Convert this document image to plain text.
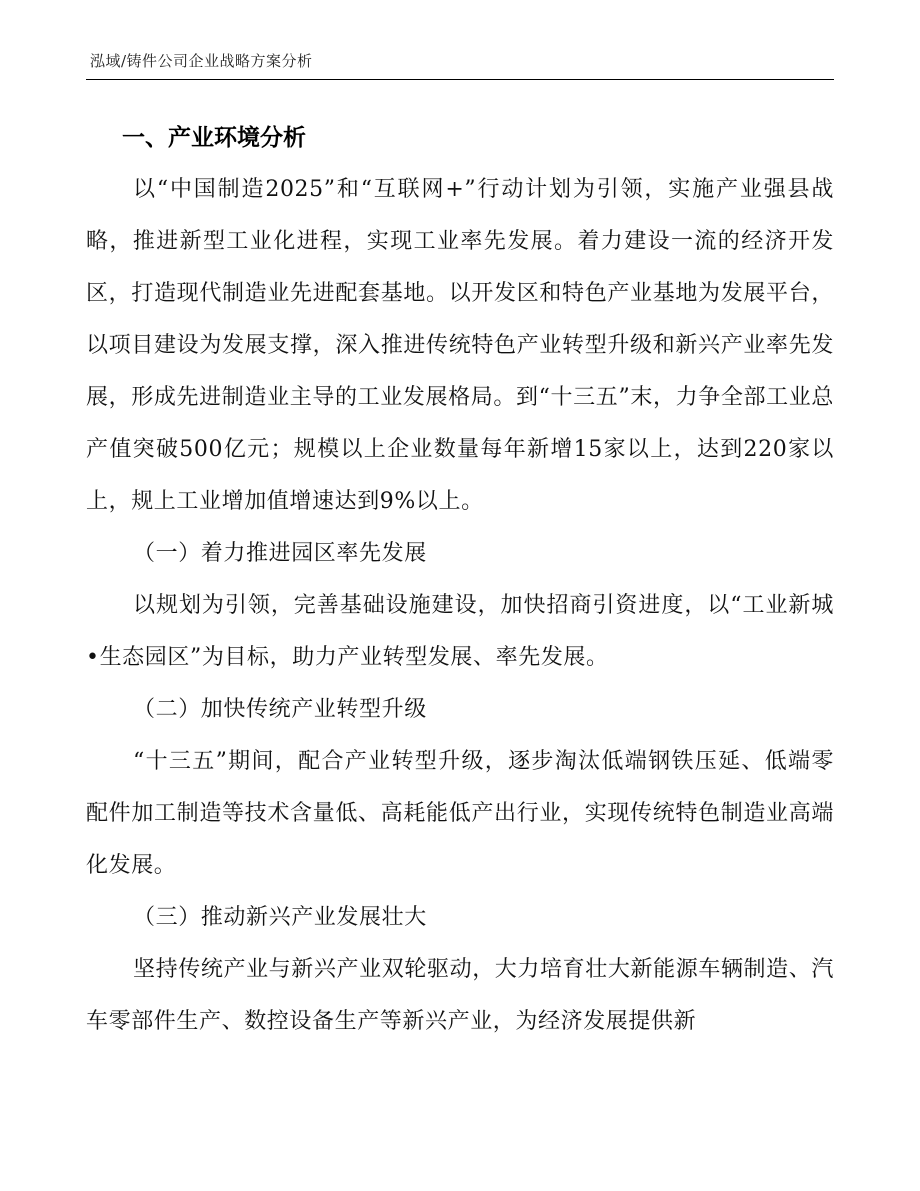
泓域/铸件公司企业战略方案分析
一、产业环境分析

以“中国制造2025”和“互联网+”行动计划为引领，实施产业强县战略，推进新型工业化进程，实现工业率先发展。着力建设一流的经济开发区，打造现代制造业先进配套基地。以开发区和特色产业基地为发展平台，以项目建设为发展支撑，深入推进传统特色产业转型升级和新兴产业率先发展，形成先进制造业主导的工业发展格局。到“十三五”末，力争全部工业总产值突破500亿元；规模以上企业数量每年新增15家以上，达到220家以上，规上工业增加值增速达到9%以上。

（一）着力推进园区率先发展

以规划为引领，完善基础设施建设，加快招商引资进度，以“工业新城•生态园区”为目标，助力产业转型发展、率先发展。

（二）加快传统产业转型升级

“十三五”期间，配合产业转型升级，逐步淘汰低端钢铁压延、低端零配件加工制造等技术含量低、高耗能低产出行业，实现传统特色制造业高端化发展。

（三）推动新兴产业发展壮大

坚持传统产业与新兴产业双轮驱动，大力培育壮大新能源车辆制造、汽车零部件生产、数控设备生产等新兴产业，为经济发展提供新
